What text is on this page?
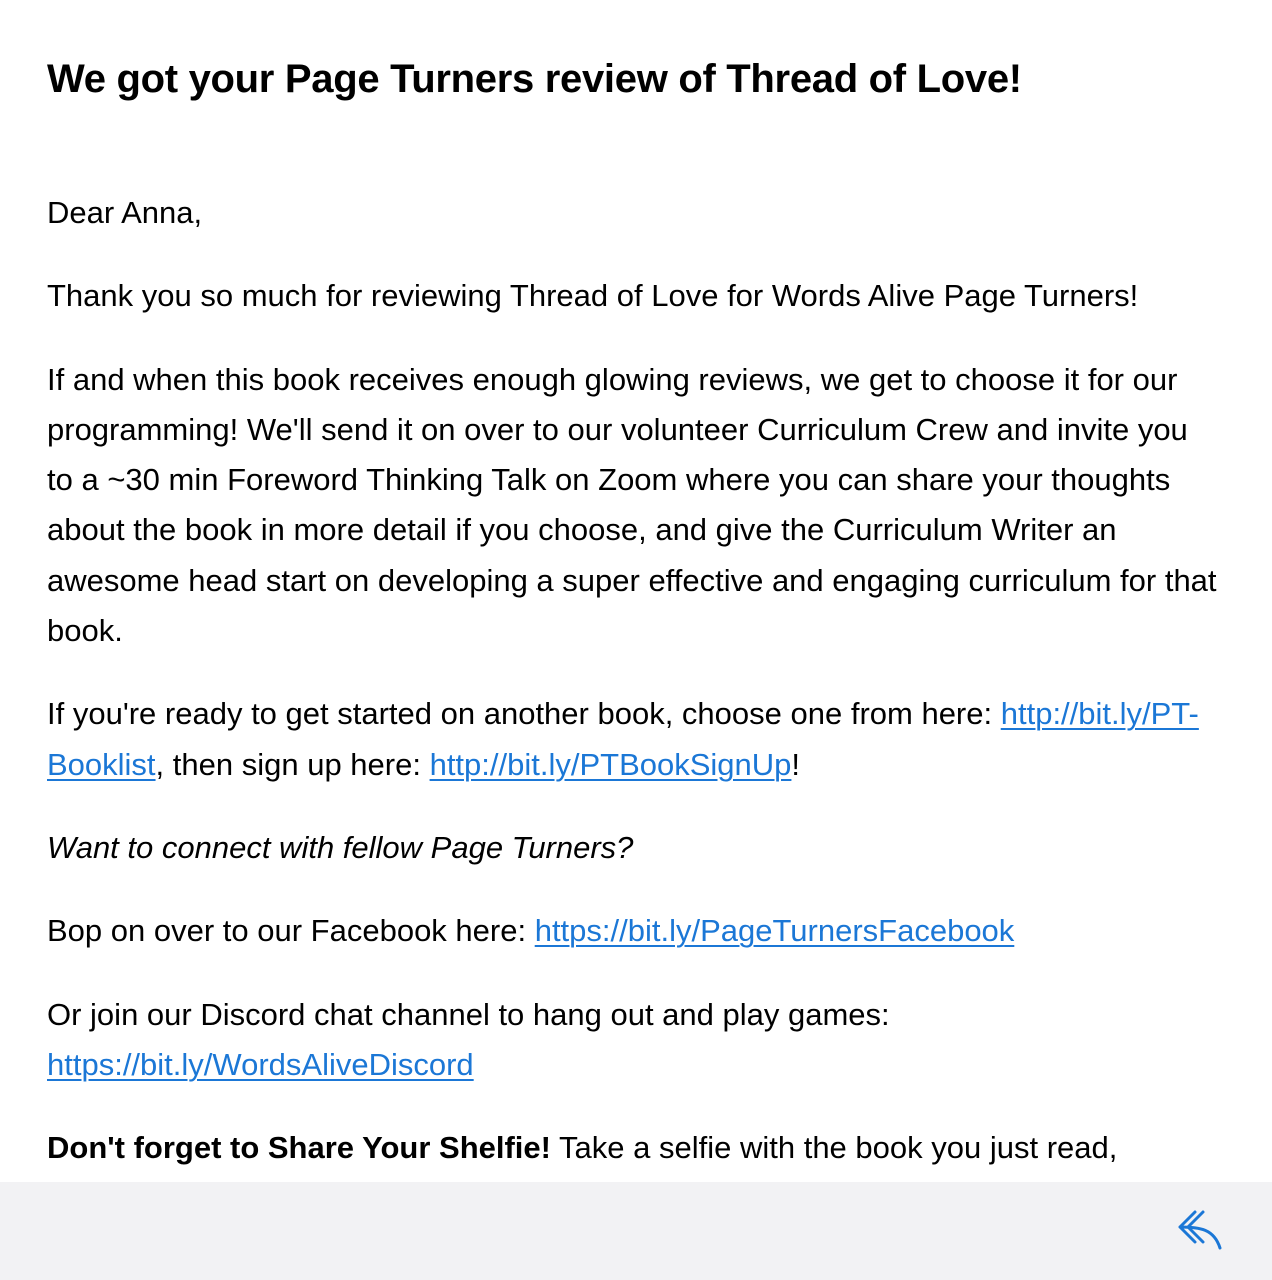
We got your Page Turners review of Thread of Love!

Dear Anna,

Thank you so much for reviewing Thread of Love for Words Alive Page Turners!

If and when this book receives enough glowing reviews, we get to choose it for our programming! We'll send it on over to our volunteer Curriculum Crew and invite you to a ~30 min Foreword Thinking Talk on Zoom where you can share your thoughts about the book in more detail if you choose, and give the Curriculum Writer an awesome head start on developing a super effective and engaging curriculum for that book.

If you're ready to get started on another book, choose one from here: http://bit.ly/PT-Booklist, then sign up here: http://bit.ly/PTBookSignUp!

Want to connect with fellow Page Turners?

Bop on over to our Facebook here: https://bit.ly/PageTurnersFacebook

Or join our Discord chat channel to hang out and play games: https://bit.ly/WordsAliveDiscord

Don't forget to Share Your Shelfie! Take a selfie with the book you just read,
